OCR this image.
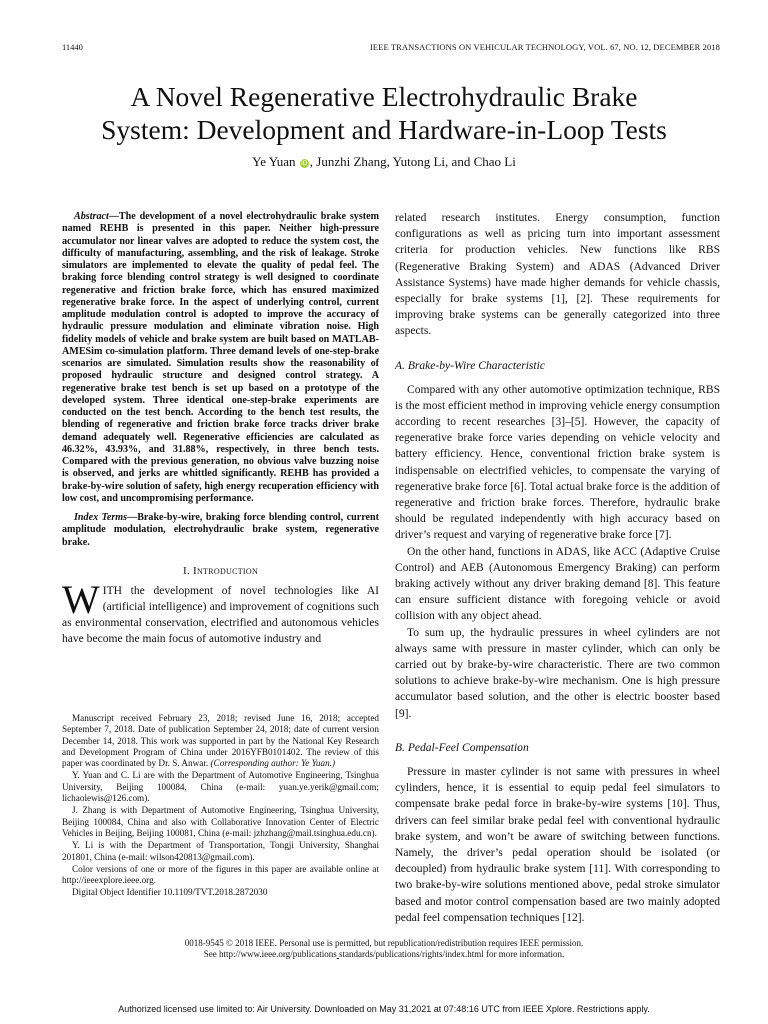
11440	IEEE TRANSACTIONS ON VEHICULAR TECHNOLOGY, VOL. 67, NO. 12, DECEMBER 2018
A Novel Regenerative Electrohydraulic Brake
System: Development and Hardware-in-Loop Tests
Ye Yuan iD , Junzhi Zhang, Yutong Li, and Chao Li

Abstract—The development of a novel electrohydraulic brake system named REHB is presented in this paper. Neither high-pressure accumulator nor linear valves are adopted to reduce the system cost, the difficulty of manufacturing, assembling, and the risk of leakage. Stroke simulators are implemented to elevate the quality of pedal feel. The braking force blending control strategy is well designed to coordinate regenerative and friction brake force, which has ensured maximized regenerative brake force. In the aspect of underlying control, current amplitude modulation control is adopted to improve the accuracy of hydraulic pressure modulation and eliminate vibration noise. High fidelity models of vehicle and brake system are built based on MATLAB-AMESim co-simulation platform. Three demand levels of one-step-brake scenarios are simulated. Simulation results show the reasonability of proposed hydraulic structure and designed control strategy. A regenerative brake test bench is set up based on a prototype of the developed system. Three identical one-step-brake experiments are conducted on the test bench. According to the bench test results, the blending of regenerative and friction brake force tracks driver brake demand adequately well. Regenerative efficiencies are calculated as 46.32%, 43.93%, and 31.88%, respectively, in three bench tests. Compared with the previous generation, no obvious valve buzzing noise is observed, and jerks are whittled significantly. REHB has provided a brake-by-wire solution of safety, high energy recuperation efficiency with low cost, and uncompromising performance.

Index Terms—Brake-by-wire, braking force blending control, current amplitude modulation, electrohydraulic brake system, regenerative brake.

I. Introduction

WITH the development of novel technologies like AI (artificial intelligence) and improvement of cognitions such as environmental conservation, electrified and autonomous vehicles have become the main focus of automotive industry and

Manuscript received February 23, 2018; revised June 16, 2018; accepted September 7, 2018. Date of publication September 24, 2018; date of current version December 14, 2018. This work was supported in part by the National Key Research and Development Program of China under 2016YFB0101402. The review of this paper was coordinated by Dr. S. Anwar. (Corresponding author: Ye Yuan.)

Y. Yuan and C. Li are with the Department of Automotive Engineering, Tsinghua University, Beijing 100084, China (e-mail: yuan.ye.yerik@gmail.com; lichaolewis@126.com).

J. Zhang is with Department of Automotive Engineering, Tsinghua University, Beijing 100084, China and also with Collaborative Innovation Center of Electric Vehicles in Beijing, Beijing 100081, China (e-mail: jzhzhang@mail.tsinghua.edu.cn).

Y. Li is with the Department of Transportation, Tongji University, Shanghai 201801, China (e-mail: wilson420813@gmail.com).

Color versions of one or more of the figures in this paper are available online at http://ieeexplore.ieee.org.

Digital Object Identifier 10.1109/TVT.2018.2872030

related research institutes. Energy consumption, function configurations as well as pricing turn into important assessment criteria for production vehicles. New functions like RBS (Regenerative Braking System) and ADAS (Advanced Driver Assistance Systems) have made higher demands for vehicle chassis, especially for brake systems [1], [2]. These requirements for improving brake systems can be generally categorized into three aspects.

A. Brake-by-Wire Characteristic

Compared with any other automotive optimization technique, RBS is the most efficient method in improving vehicle energy consumption according to recent researches [3]–[5]. However, the capacity of regenerative brake force varies depending on vehicle velocity and battery efficiency. Hence, conventional friction brake system is indispensable on electrified vehicles, to compensate the varying of regenerative brake force [6]. Total actual brake force is the addition of regenerative and friction brake forces. Therefore, hydraulic brake should be regulated independently with high accuracy based on driver’s request and varying of regenerative brake force [7].

On the other hand, functions in ADAS, like ACC (Adaptive Cruise Control) and AEB (Autonomous Emergency Braking) can perform braking actively without any driver braking demand [8]. This feature can ensure sufficient distance with foregoing vehicle or avoid collision with any object ahead.

To sum up, the hydraulic pressures in wheel cylinders are not always same with pressure in master cylinder, which can only be carried out by brake-by-wire characteristic. There are two common solutions to achieve brake-by-wire mechanism. One is high pressure accumulator based solution, and the other is electric booster based [9].

B. Pedal-Feel Compensation

Pressure in master cylinder is not same with pressures in wheel cylinders, hence, it is essential to equip pedal feel simulators to compensate brake pedal force in brake-by-wire systems [10]. Thus, drivers can feel similar brake pedal feel with conventional hydraulic brake system, and won’t be aware of switching between functions. Namely, the driver’s pedal operation should be isolated (or decoupled) from hydraulic brake system [11]. With corresponding to two brake-by-wire solutions mentioned above, pedal stroke simulator based and motor control compensation based are two mainly adopted pedal feel compensation techniques [12].

0018-9545 © 2018 IEEE. Personal use is permitted, but republication/redistribution requires IEEE permission.
See http://www.ieee.org/publications standards/publications/rights/index.html for more information.
Authorized licensed use limited to: Air University. Downloaded on May 31,2021 at 07:48:16 UTC from IEEE Xplore. Restrictions apply.
